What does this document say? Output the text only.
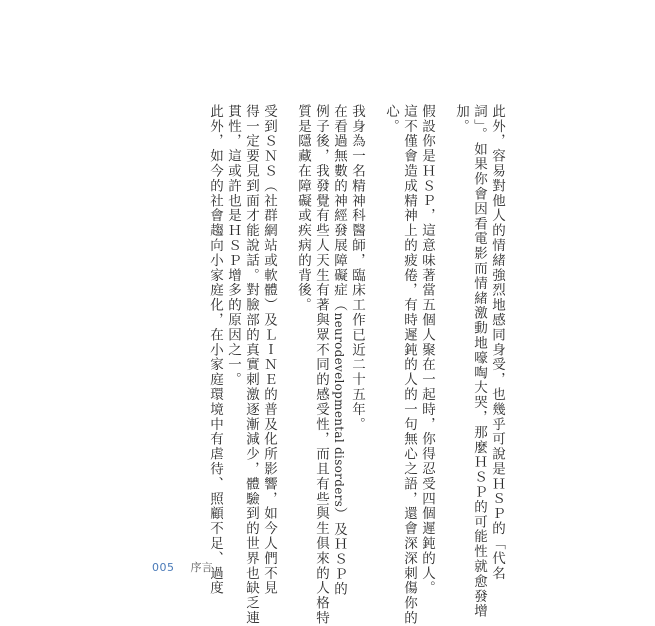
此外，容易對他人的情緒強烈地感同身受，也幾乎可說是ＨＳＰ的「代名
詞」。如果你會因看電影而情緒激動地嚎啕大哭，那麼ＨＳＰ的可能性就愈發增
加。
假設你是ＨＳＰ，這意味著當五個人聚在一起時，你得忍受四個遲鈍的人。
這不僅會造成精神上的疲倦，有時遲鈍的人的一句無心之語，還會深深刺傷你的
心。
我身為一名精神科醫師，臨床工作已近二十五年。
在看過無數的神經發展障礙症（neurodevelopmental disorders）及ＨＳＰ的
例子後，我發覺有些人天生有著與眾不同的感受性，而且有些與生俱來的人格特
質是隱藏在障礙或疾病的背後。
受到ＳＮＳ（社群網站或軟體）及ＬＩＮＥ的普及化所影響，如今人們不見
得一定要見到面才能說話。對臉部的真實刺激逐漸減少，體驗到的世界也缺乏連
貫性，這或許也是ＨＳＰ增多的原因之一。
此外，如今的社會趨向小家庭化，在小家庭環境中有虐待、照顧不足、過度
005 序言
